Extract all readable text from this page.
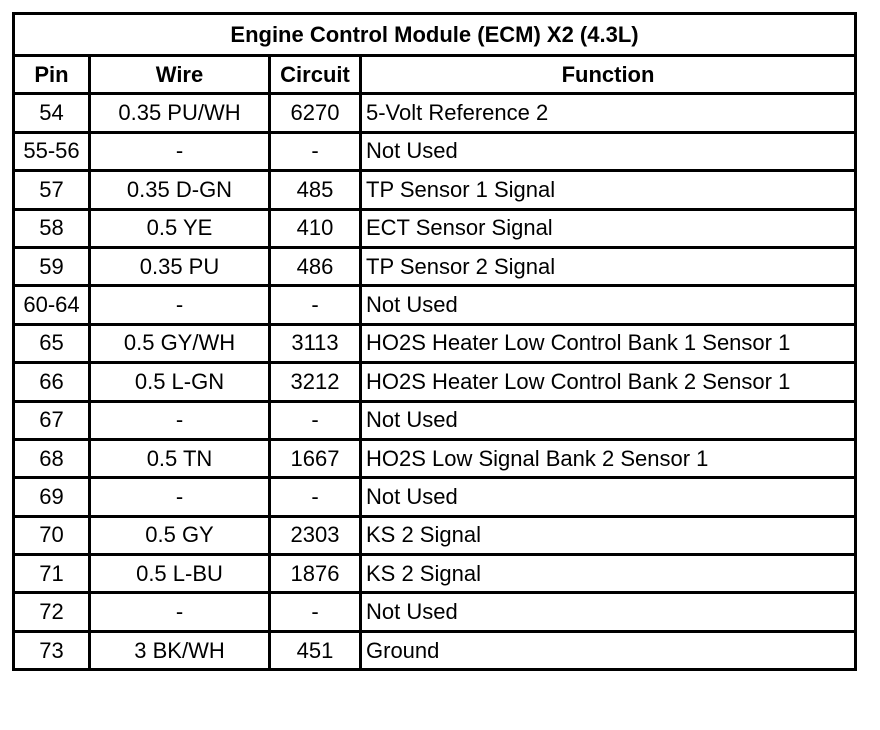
Engine Control Module (ECM) X2 (4.3L)			
Pin	Wire	Circuit	Function
54	0.35 PU/WH	6270	5-Volt Reference 2
55-56	-	-	Not Used
57	0.35 D-GN	485	TP Sensor 1 Signal
58	0.5 YE	410	ECT Sensor Signal
59	0.35 PU	486	TP Sensor 2 Signal
60-64	-	-	Not Used
65	0.5 GY/WH	3113	HO2S Heater Low Control Bank 1 Sensor 1
66	0.5 L-GN	3212	HO2S Heater Low Control Bank 2 Sensor 1
67	-	-	Not Used
68	0.5 TN	1667	HO2S Low Signal Bank 2 Sensor 1
69	-	-	Not Used
70	0.5 GY	2303	KS 2 Signal
71	0.5 L-BU	1876	KS 2 Signal
72	-	-	Not Used
73	3 BK/WH	451	Ground
